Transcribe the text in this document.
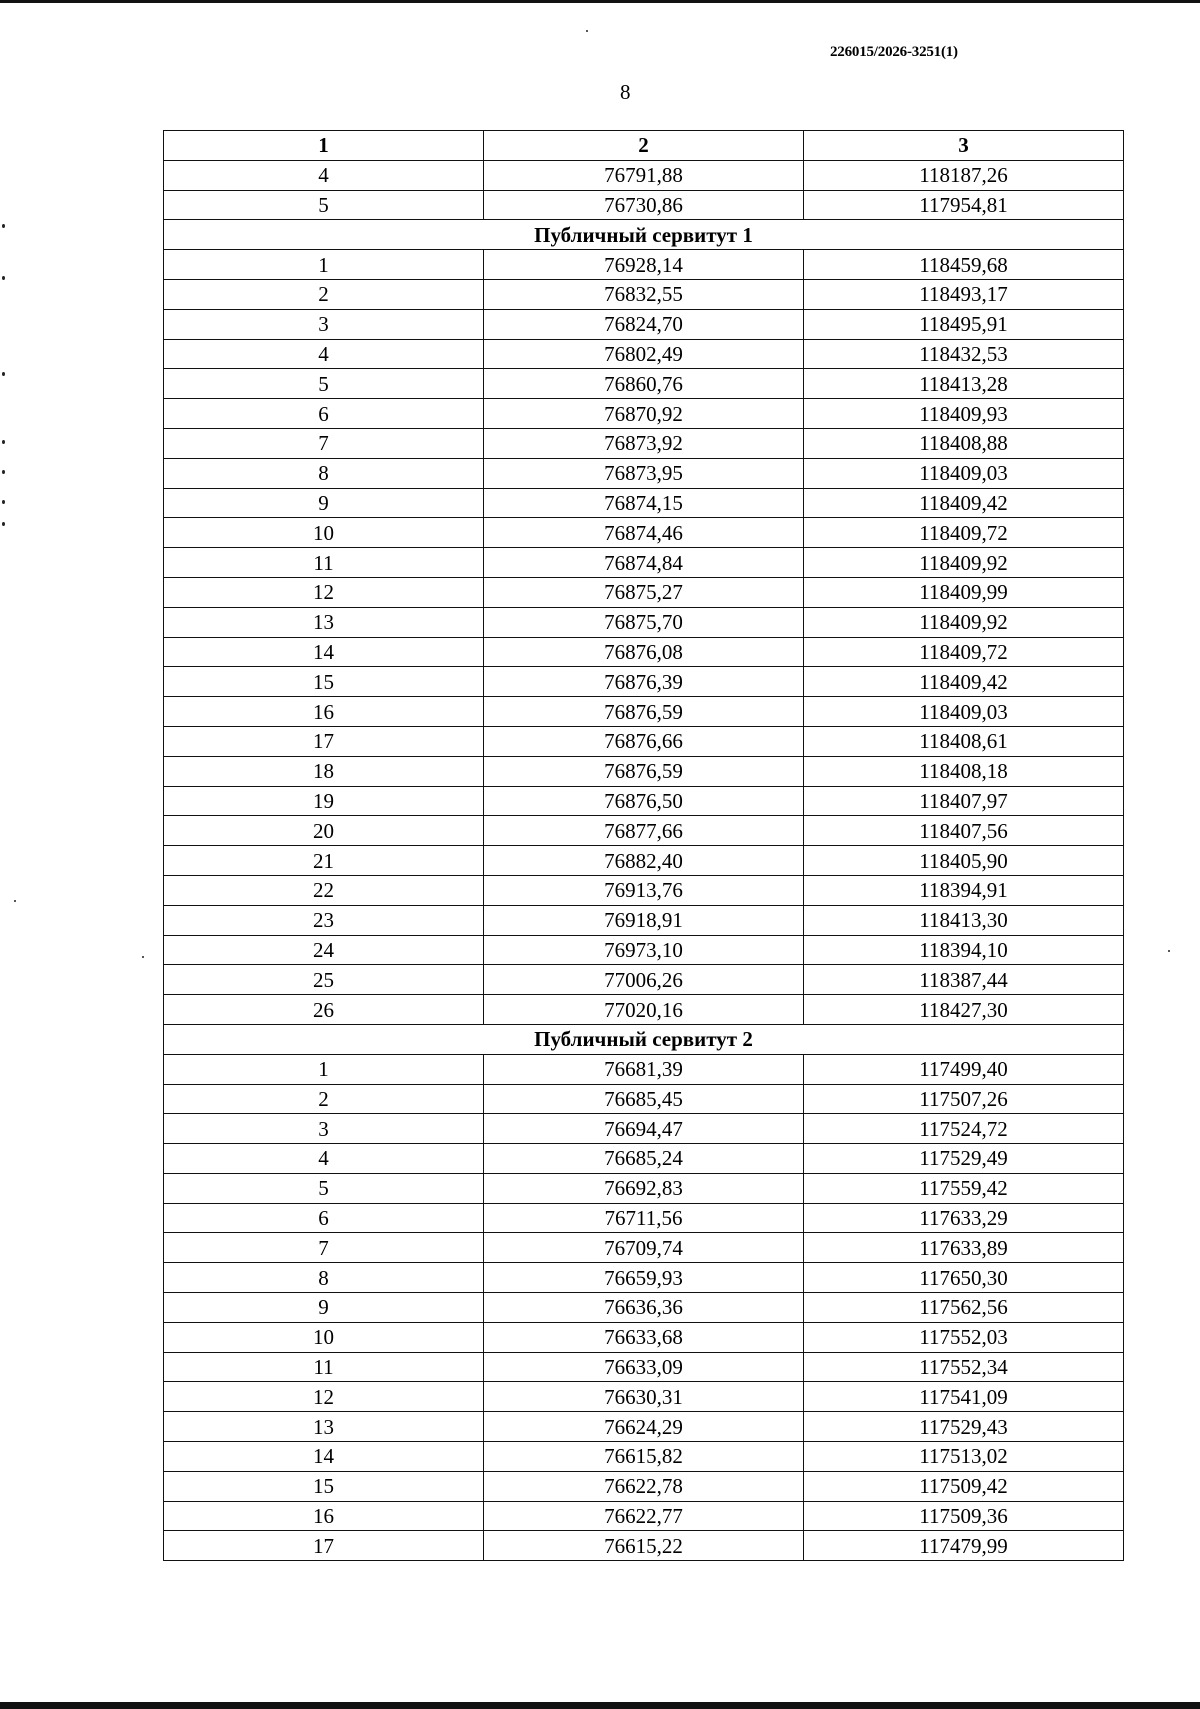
226015/2026-3251(1)
8
1	2	3
4	76791,88	118187,26
5	76730,86	117954,81
Публичный сервитут 1		
1	76928,14	118459,68
2	76832,55	118493,17
3	76824,70	118495,91
4	76802,49	118432,53
5	76860,76	118413,28
6	76870,92	118409,93
7	76873,92	118408,88
8	76873,95	118409,03
9	76874,15	118409,42
10	76874,46	118409,72
11	76874,84	118409,92
12	76875,27	118409,99
13	76875,70	118409,92
14	76876,08	118409,72
15	76876,39	118409,42
16	76876,59	118409,03
17	76876,66	118408,61
18	76876,59	118408,18
19	76876,50	118407,97
20	76877,66	118407,56
21	76882,40	118405,90
22	76913,76	118394,91
23	76918,91	118413,30
24	76973,10	118394,10
25	77006,26	118387,44
26	77020,16	118427,30
Публичный сервитут 2		
1	76681,39	117499,40
2	76685,45	117507,26
3	76694,47	117524,72
4	76685,24	117529,49
5	76692,83	117559,42
6	76711,56	117633,29
7	76709,74	117633,89
8	76659,93	117650,30
9	76636,36	117562,56
10	76633,68	117552,03
11	76633,09	117552,34
12	76630,31	117541,09
13	76624,29	117529,43
14	76615,82	117513,02
15	76622,78	117509,42
16	76622,77	117509,36
17	76615,22	117479,99
